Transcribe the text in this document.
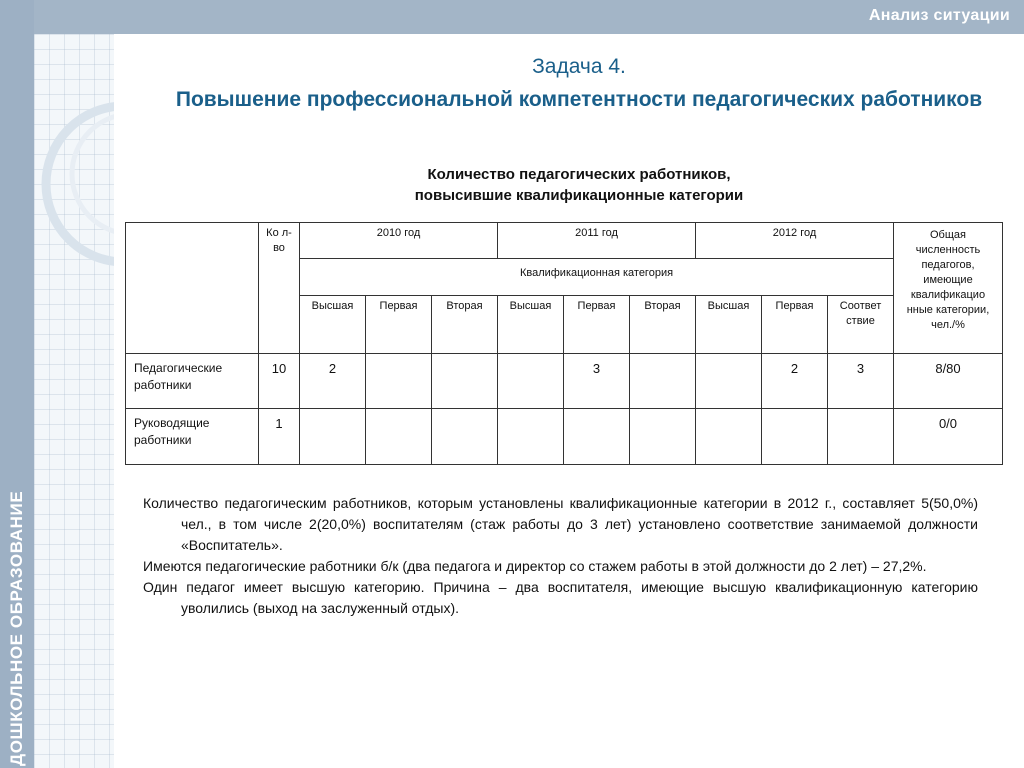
Анализ ситуации
ДОШКОЛЬНОЕ ОБРАЗОВАНИЕ
Задача 4.
Повышение профессиональной компетентности педагогических работников
Количество педагогических работников,
повысившие квалификационные категории
	Ко л-во	2010 год			2011 год			2012 год			Общая численность педагогов, имеющие квалификацио нные категории, чел./%
		Квалификационная категория									
		Высшая	Первая	Вторая	Высшая	Первая	Вторая	Высшая	Первая	Соответ ствие	
Педагогические работники	10	2				3			2	3	8/80
Руководящие работники	1										0/0

Количество педагогическим работников, которым установлены квалификационные категории в 2012 г., составляет 5(50,0%) чел., в том числе 2(20,0%) воспитателям (стаж работы до 3 лет) установлено соответствие занимаемой должности «Воспитатель».

Имеются педагогические работники б/к (два педагога и директор со стажем работы в этой должности до 2 лет) – 27,2%.

Один педагог имеет высшую категорию. Причина – два воспитателя, имеющие высшую квалификационную категорию уволились (выход на заслуженный отдых).
